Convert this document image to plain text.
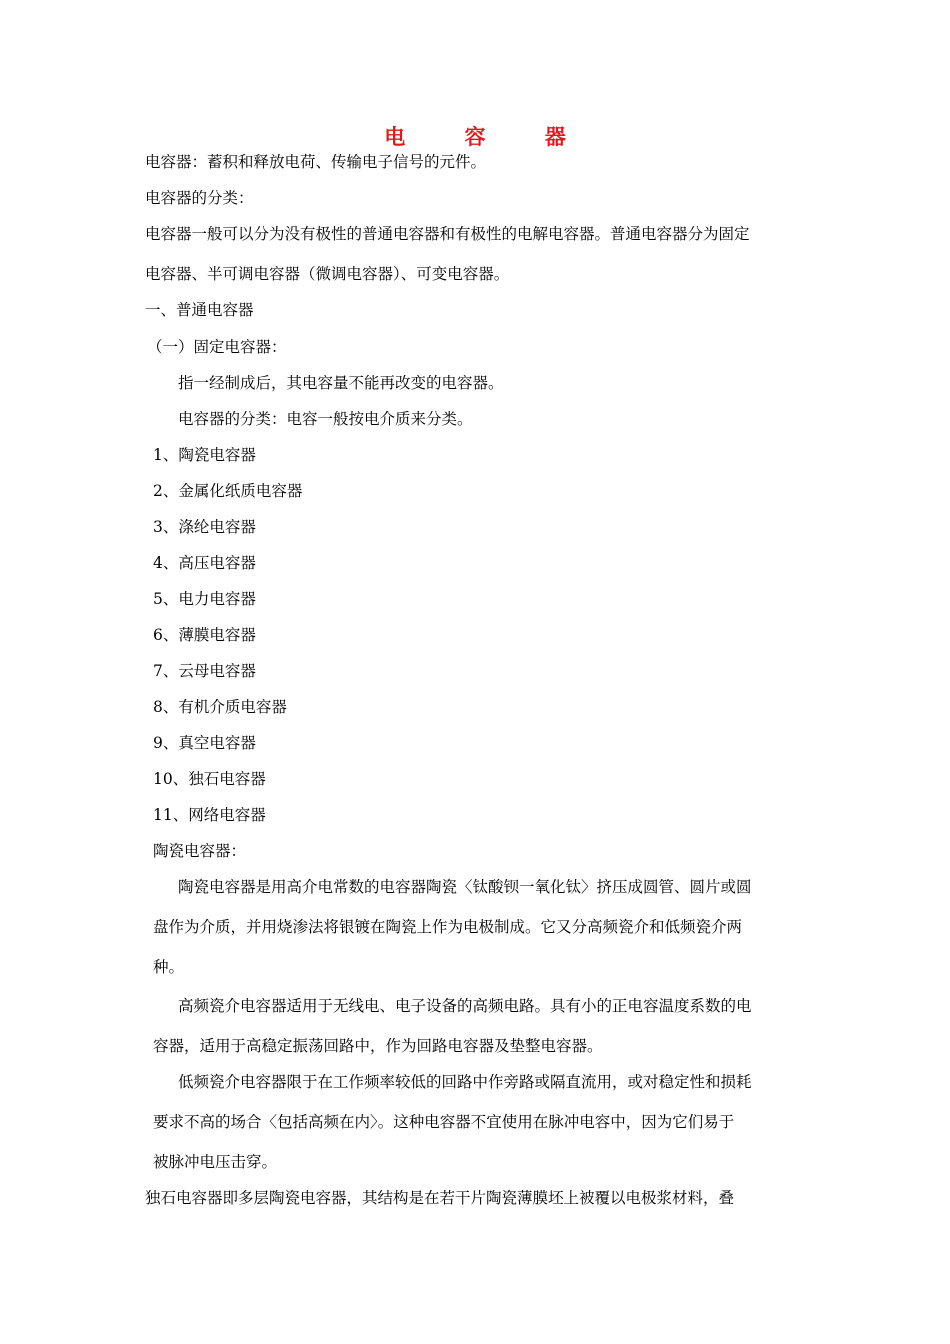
电 容 器
电容器：蓄积和释放电荷、传输电子信号的元件。
电容器的分类：
电容器一般可以分为没有极性的普通电容器和有极性的电解电容器。普通电容器分为固定
电容器、半可调电容器（微调电容器）、可变电容器。
一、普通电容器
（一）固定电容器：
指一经制成后，其电容量不能再改变的电容器。
电容器的分类：电容一般按电介质来分类。
1、陶瓷电容器
2、金属化纸质电容器
3、涤纶电容器
4、高压电容器
5、电力电容器
6、薄膜电容器
7、云母电容器
8、有机介质电容器
9、真空电容器
10、独石电容器
11、网络电容器
陶瓷电容器：
陶瓷电容器是用高介电常数的电容器陶瓷〈钛酸钡一氧化钛〉挤压成圆管、圆片或圆
盘作为介质，并用烧渗法将银镀在陶瓷上作为电极制成。它又分高频瓷介和低频瓷介两
种。
高频瓷介电容器适用于无线电、电子设备的高频电路。具有小的正电容温度系数的电
容器，适用于高稳定振荡回路中，作为回路电容器及垫整电容器。
低频瓷介电容器限于在工作频率较低的回路中作旁路或隔直流用，或对稳定性和损耗
要求不高的场合〈包括高频在内〉。这种电容器不宜使用在脉冲电容中，因为它们易于
被脉冲电压击穿。
独石电容器即多层陶瓷电容器，其结构是在若干片陶瓷薄膜坯上被覆以电极浆材料，叠
